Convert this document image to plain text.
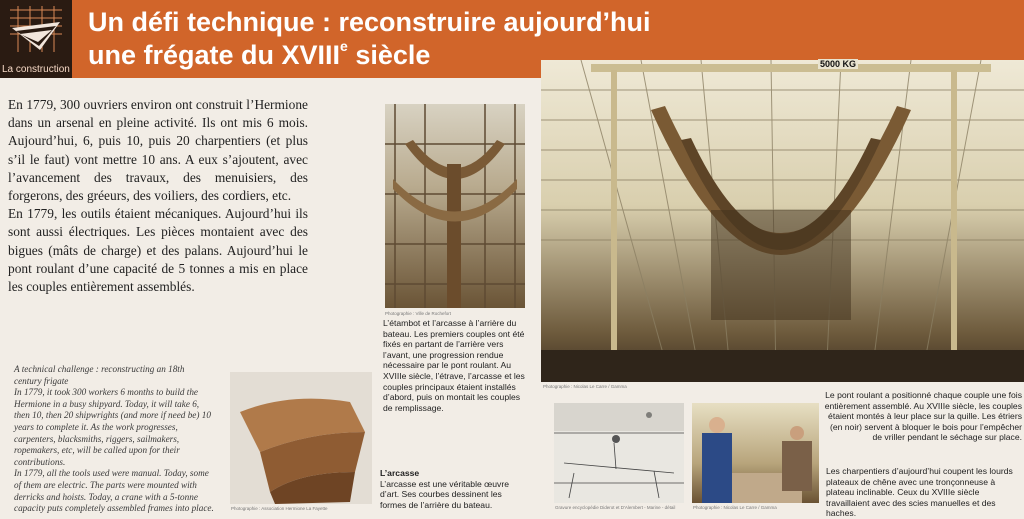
La construction
Un défi technique : reconstruire aujourd’hui
une frégate du XVIIIe siècle

En 1779, 300 ouvriers environ ont construit l’Hermione dans un arsenal en pleine activité. Ils ont mis 6 mois. Aujourd’hui, 6, puis 10, puis 20 charpentiers (et plus s’il le faut) vont mettre 10 ans. A eux s’ajoutent, avec l’avancement des travaux, des menuisiers, des forgerons, des gréeurs, des voiliers, des cordiers, etc.

En 1779, les outils étaient mécaniques. Aujourd’hui ils sont aussi électriques. Les pièces montaient avec des bigues (mâts de charge) et des palans. Aujourd’hui le pont roulant d’une capacité de 5 tonnes a mis en place les couples entièrement assemblés.

A technical challenge : reconstructing an 18th century frigate

In 1779, it took 300 workers 6 months to build the Hermione in a busy shipyard. Today, it will take 6, then 10, then 20 shipwrights (and more if need be) 10 years to complete it. As the work progresses, carpenters, blacksmiths, riggers, sailmakers, ropemakers, etc, will be called upon for their contributions.

In 1779, all the tools used were manual. Today, some of them are electric. The parts were mounted with derricks and hoists. Today, a crane with a 5-tonne capacity puts completely assembled frames into place.

Photographie : Ville de Rochefort
L’étambot et l’arcasse à l’arrière du bateau. Les premiers couples ont été fixés en partant de l’arrière vers l’avant, une progression rendue nécessaire par le pont roulant. Au XVIIIe siècle, l’étrave, l’arcasse et les couples principaux étaient installés d’abord, puis on montait les couples de remplissage.
5000 KG
Photographie : Nicolas Le Carre / Gamma
Le pont roulant a positionné chaque couple une fois entièrement assemblé. Au XVIIIe siècle, les couples étaient montés à leur place sur la quille. Les étriers (en noir) servent à bloquer le bois pour l’empêcher de vriller pendant le séchage sur place.
Photographie : Association Hermione La Fayette

L’arcasse

L’arcasse est une véritable œuvre d’art. Ses courbes dessinent les formes de l’arrière du bateau.	Gravure encyclopédie Diderot et D'Alembert - Marine - détail	Photographie : Nicolas Le Carre / Gamma
Les charpentiers d’aujourd’hui coupent les lourds plateaux de chêne avec une tronçonneuse à plateau inclinable. Ceux du XVIIIe siècle travaillaient avec des scies manuelles et des haches.
